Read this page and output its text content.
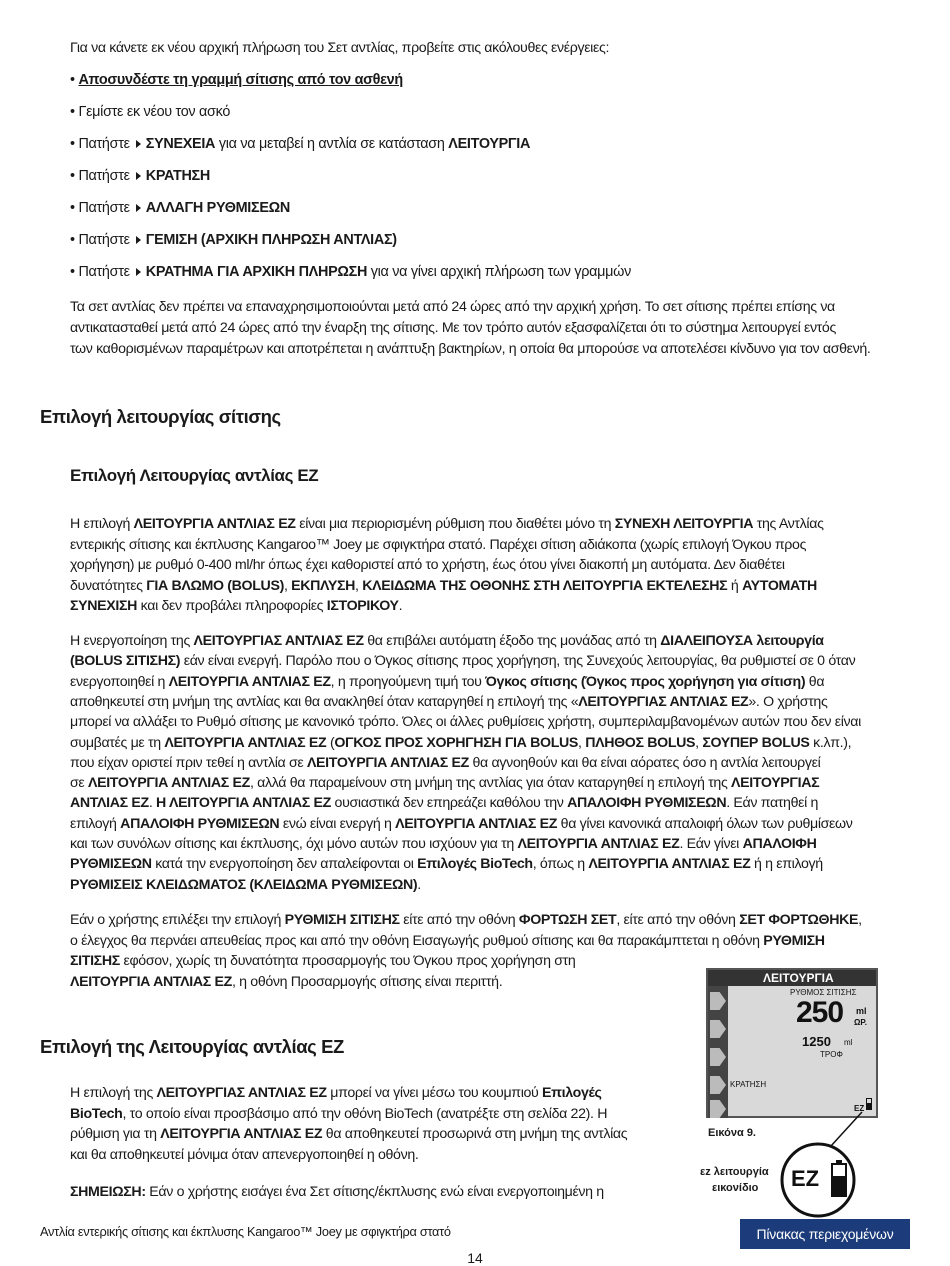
Για να κάνετε εκ νέου αρχική πλήρωση του Σετ αντλίας, προβείτε στις ακόλουθες ενέργειες:
• Αποσυνδέστε τη γραμμή σίτισης από τον ασθενή
• Γεμίστε εκ νέου τον ασκό
• Πατήστε ΣΥΝΕΧΕΙΑ για να μεταβεί η αντλία σε κατάσταση ΛΕΙΤΟΥΡΓΙΑ
• Πατήστε ΚΡΑΤΗΣΗ
• Πατήστε ΑΛΛΑΓΗ ΡΥΘΜΙΣΕΩΝ
• Πατήστε ΓΕΜΙΣΗ (ΑΡΧΙΚΗ ΠΛΗΡΩΣΗ ΑΝΤΛΙΑΣ)
• Πατήστε ΚΡΑΤΗΜΑ ΓΙΑ ΑΡΧΙΚΗ ΠΛΗΡΩΣΗ για να γίνει αρχική πλήρωση των γραμμών
Τα σετ αντλίας δεν πρέπει να επαναχρησιμοποιούνται μετά από 24 ώρες από την αρχική χρήση. Το σετ σίτισης πρέπει επίσης να
αντικατασταθεί μετά από 24 ώρες από την έναρξη της σίτισης. Με τον τρόπο αυτόν εξασφαλίζεται ότι το σύστημα λειτουργεί εντός
των καθορισμένων παραμέτρων και αποτρέπεται η ανάπτυξη βακτηρίων, η οποία θα μπορούσε να αποτελέσει κίνδυνο για τον ασθενή.
Επιλογή λειτουργίας σίτισης
Επιλογή Λειτουργίας αντλίας EZ
Η επιλογή ΛΕΙΤΟΥΡΓΙΑ ΑΝΤΛΙΑΣ EZ είναι μια περιορισμένη ρύθμιση που διαθέτει μόνο τη ΣΥΝΕΧΗ ΛΕΙΤΟΥΡΓΙΑ της Αντλίας
εντερικής σίτισης και έκπλυσης Kangaroo™ Joey με σφιγκτήρα στατό. Παρέχει σίτιση αδιάκοπα (χωρίς επιλογή Όγκου προς
χορήγηση) με ρυθμό 0-400 ml/hr όπως έχει καθοριστεί από το χρήστη, έως ότου γίνει διακοπή μη αυτόματα. Δεν διαθέτει
δυνατότητες ΓΙΑ ΒΛΩΜΟ (BOLUS), ΕΚΠΛΥΣΗ, ΚΛΕΙΔΩΜΑ ΤΗΣ ΟΘΟΝΗΣ ΣΤΗ ΛΕΙΤΟΥΡΓΙΑ ΕΚΤΕΛΕΣΗΣ ή ΑΥΤΟΜΑΤΗ
ΣΥΝΕΧΙΣΗ και δεν προβάλει πληροφορίες ΙΣΤΟΡΙΚΟΥ.
Η ενεργοποίηση της ΛΕΙΤΟΥΡΓΙΑΣ ΑΝΤΛΙΑΣ EZ θα επιβάλει αυτόματη έξοδο της μονάδας από τη ΔΙΑΛΕΙΠΟΥΣΑ λειτουργία
(BOLUS ΣΙΤΙΣΗΣ) εάν είναι ενεργή. Παρόλο που ο Όγκος σίτισης προς χορήγηση, της Συνεχούς λειτουργίας, θα ρυθμιστεί σε 0 όταν
ενεργοποιηθεί η ΛΕΙΤΟΥΡΓΙΑ ΑΝΤΛΙΑΣ EZ, η προηγούμενη τιμή του Όγκος σίτισης (Όγκος προς χορήγηση για σίτιση) θα
αποθηκευτεί στη μνήμη της αντλίας και θα ανακληθεί όταν καταργηθεί η επιλογή της «ΛΕΙΤΟΥΡΓΙΑΣ ΑΝΤΛΙΑΣ EZ». Ο χρήστης
μπορεί να αλλάξει το Ρυθμό σίτισης με κανονικό τρόπο. Όλες οι άλλες ρυθμίσεις χρήστη, συμπεριλαμβανομένων αυτών που δεν είναι
συμβατές με τη ΛΕΙΤΟΥΡΓΙΑ ΑΝΤΛΙΑΣ EZ (ΟΓΚΟΣ ΠΡΟΣ ΧΟΡΗΓΗΣΗ ΓΙΑ BOLUS, ΠΛΗΘΟΣ BOLUS, ΣΟΥΠΕΡ BOLUS κ.λπ.),
που είχαν οριστεί πριν τεθεί η αντλία σε ΛΕΙΤΟΥΡΓΙΑ ΑΝΤΛΙΑΣ EZ θα αγνοηθούν και θα είναι αόρατες όσο η αντλία λειτουργεί
σε ΛΕΙΤΟΥΡΓΙΑ ΑΝΤΛΙΑΣ EZ, αλλά θα παραμείνουν στη μνήμη της αντλίας για όταν καταργηθεί η επιλογή της ΛΕΙΤΟΥΡΓΙΑΣ
ΑΝΤΛΙΑΣ EZ. Η ΛΕΙΤΟΥΡΓΙΑ ΑΝΤΛΙΑΣ EZ ουσιαστικά δεν επηρεάζει καθόλου την ΑΠΑΛΟΙΦΗ ΡΥΘΜΙΣΕΩΝ. Εάν πατηθεί η
επιλογή ΑΠΑΛΟΙΦΗ ΡΥΘΜΙΣΕΩΝ ενώ είναι ενεργή η ΛΕΙΤΟΥΡΓΙΑ ΑΝΤΛΙΑΣ EZ θα γίνει κανονικά απαλοιφή όλων των ρυθμίσεων
και των συνόλων σίτισης και έκπλυσης, όχι μόνο αυτών που ισχύουν για τη ΛΕΙΤΟΥΡΓΙΑ ΑΝΤΛΙΑΣ EZ. Εάν γίνει ΑΠΑΛΟΙΦΗ
ΡΥΘΜΙΣΕΩΝ κατά την ενεργοποίηση δεν απαλείφονται οι Επιλογές BioTech, όπως η ΛΕΙΤΟΥΡΓΙΑ ΑΝΤΛΙΑΣ EZ ή η επιλογή
ΡΥΘΜΙΣΕΙΣ ΚΛΕΙΔΩΜΑΤΟΣ (ΚΛΕΙΔΩΜΑ ΡΥΘΜΙΣΕΩΝ).
Εάν ο χρήστης επιλέξει την επιλογή ΡΥΘΜΙΣΗ ΣΙΤΙΣΗΣ είτε από την οθόνη ΦΟΡΤΩΣΗ ΣΕΤ, είτε από την οθόνη ΣΕΤ ΦΟΡΤΩΘΗΚΕ,
ο έλεγχος θα περνάει απευθείας προς και από την οθόνη Εισαγωγής ρυθμού σίτισης και θα παρακάμπτεται η οθόνη ΡΥΘΜΙΣΗ
ΣΙΤΙΣΗΣ εφόσον, χωρίς τη δυνατότητα προσαρμογής του Όγκου προς χορήγηση στη
ΛΕΙΤΟΥΡΓΙΑ ΑΝΤΛΙΑΣ EZ, η οθόνη Προσαρμογής σίτισης είναι περιττή.
Επιλογή της Λειτουργίας αντλίας EZ
Η επιλογή της ΛΕΙΤΟΥΡΓΙΑΣ ΑΝΤΛΙΑΣ EZ μπορεί να γίνει μέσω του κουμπιού Επιλογές
BioTech, το οποίο είναι προσβάσιμο από την οθόνη BioTech (ανατρέξτε στη σελίδα 22). Η
ρύθμιση για τη ΛΕΙΤΟΥΡΓΙΑ ΑΝΤΛΙΑΣ EZ θα αποθηκευτεί προσωρινά στη μνήμη της αντλίας
και θα αποθηκευτεί μόνιμα όταν απενεργοποιηθεί η οθόνη.
ΣΗΜΕΙΩΣΗ: Εάν ο χρήστης εισάγει ένα Σετ σίτισης/έκπλυσης ενώ είναι ενεργοποιημένη η
ΛΕΙΤΟΥΡΓΙΑ
ΡΥΘΜΟΣ ΣΙΤΙΣΗΣ
250 ml
ΩΡ.
1250 ml
ΤΡΟΦ
ΚΡΑΤΗΣΗ
EZ
Εικόνα 9.
EZ
εz λειτουργία
εικονίδιο
Αντλία εντερικής σίτισης και έκπλυσης Kangaroo™ Joey με σφιγκτήρα στατό
14
Πίνακας περιεχομένων
